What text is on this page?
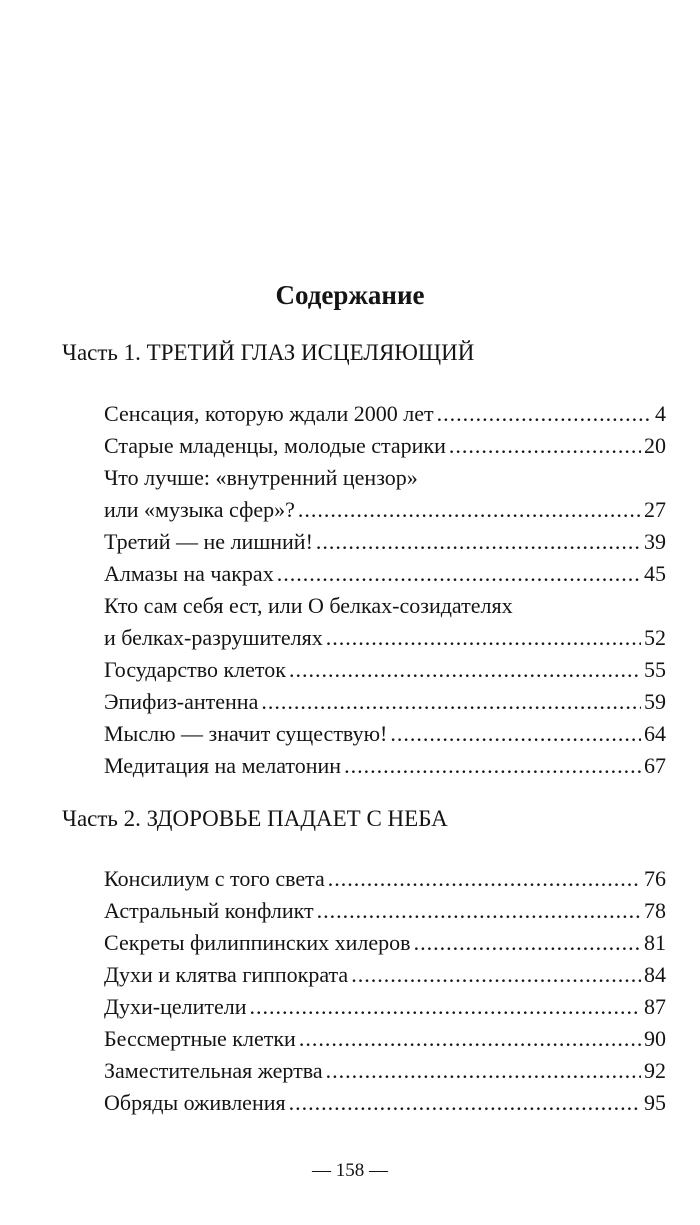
Содержание
Часть 1. ТРЕТИЙ ГЛАЗ ИСЦЕЛЯЮЩИЙ
Сенсация, которую ждали 2000 лет .....	4
Старые младенцы, молодые старики .....	20
Что лучше: «внутренний цензор»
или «музыка сфер»? .....	27
Третий — не лишний! .....	39
Алмазы на чакрах .....	45
Кто сам себя ест, или О белках-созидателях
и белках-разрушителях .....	52
Государство клеток .....	55
Эпифиз-антенна .....	59
Мыслю — значит существую! .....	64
Медитация на мелатонин .....	67
Часть 2. ЗДОРОВЬЕ ПАДАЕТ С НЕБА
Консилиум с того света .....	76
Астральный конфликт .....	78
Секреты филиппинских хилеров .....	81
Духи и клятва гиппократа .....	84
Духи-целители .....	87
Бессмертные клетки .....	90
Заместительная жертва .....	92
Обряды оживления .....	95
— 158 —
